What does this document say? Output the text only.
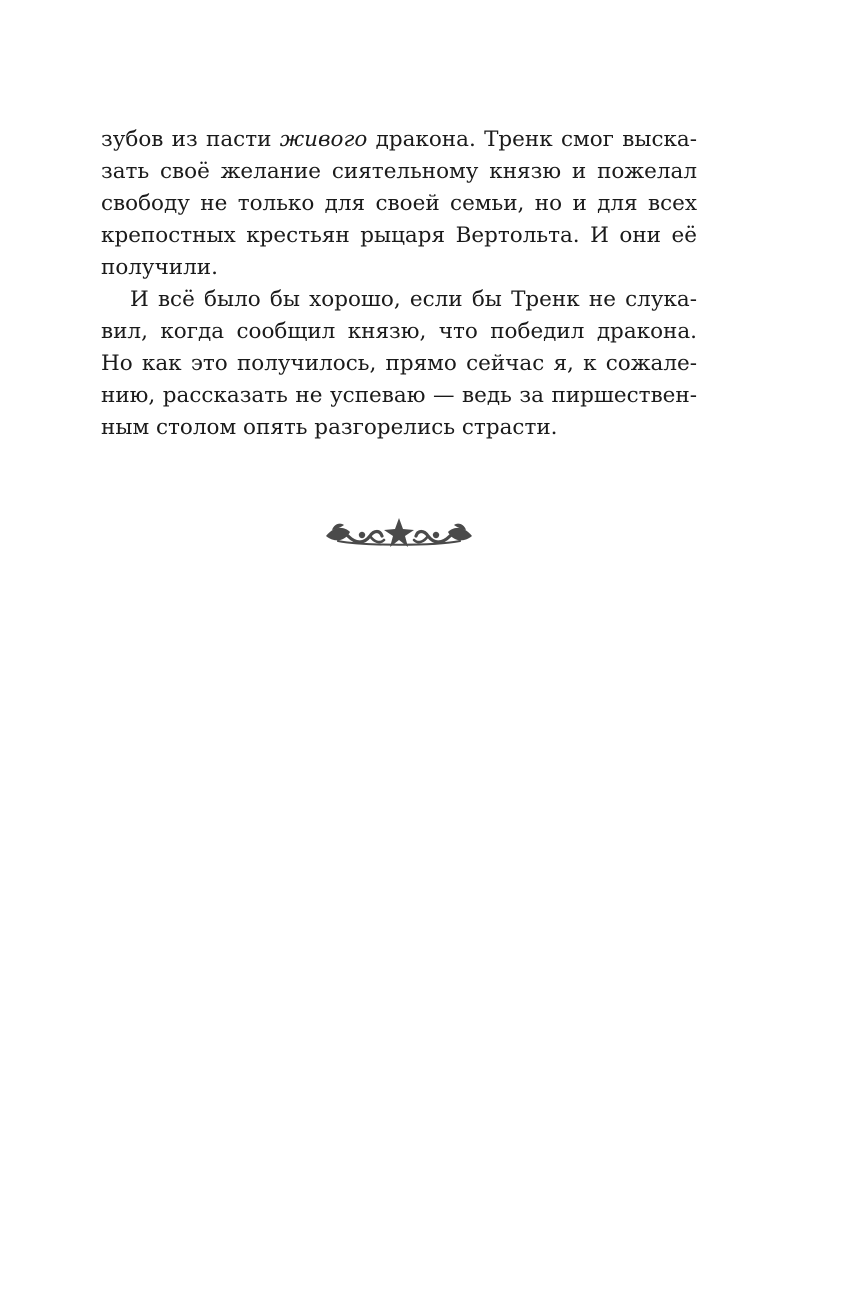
зубов из пасти живого дракона. Тренк смог выска-
зать своё желание сиятельному князю и пожелал
свободу не только для своей семьи, но и для всех
крепостных крестьян рыцаря Вертольта. И они её
получили.
И всё было бы хорошо, если бы Тренк не слука-
вил, когда сообщил князю, что победил дракона.
Но как это получилось, прямо сейчас я, к сожале-
нию, рассказать не успеваю — ведь за пиршествен-
ным столом опять разгорелись страсти.
